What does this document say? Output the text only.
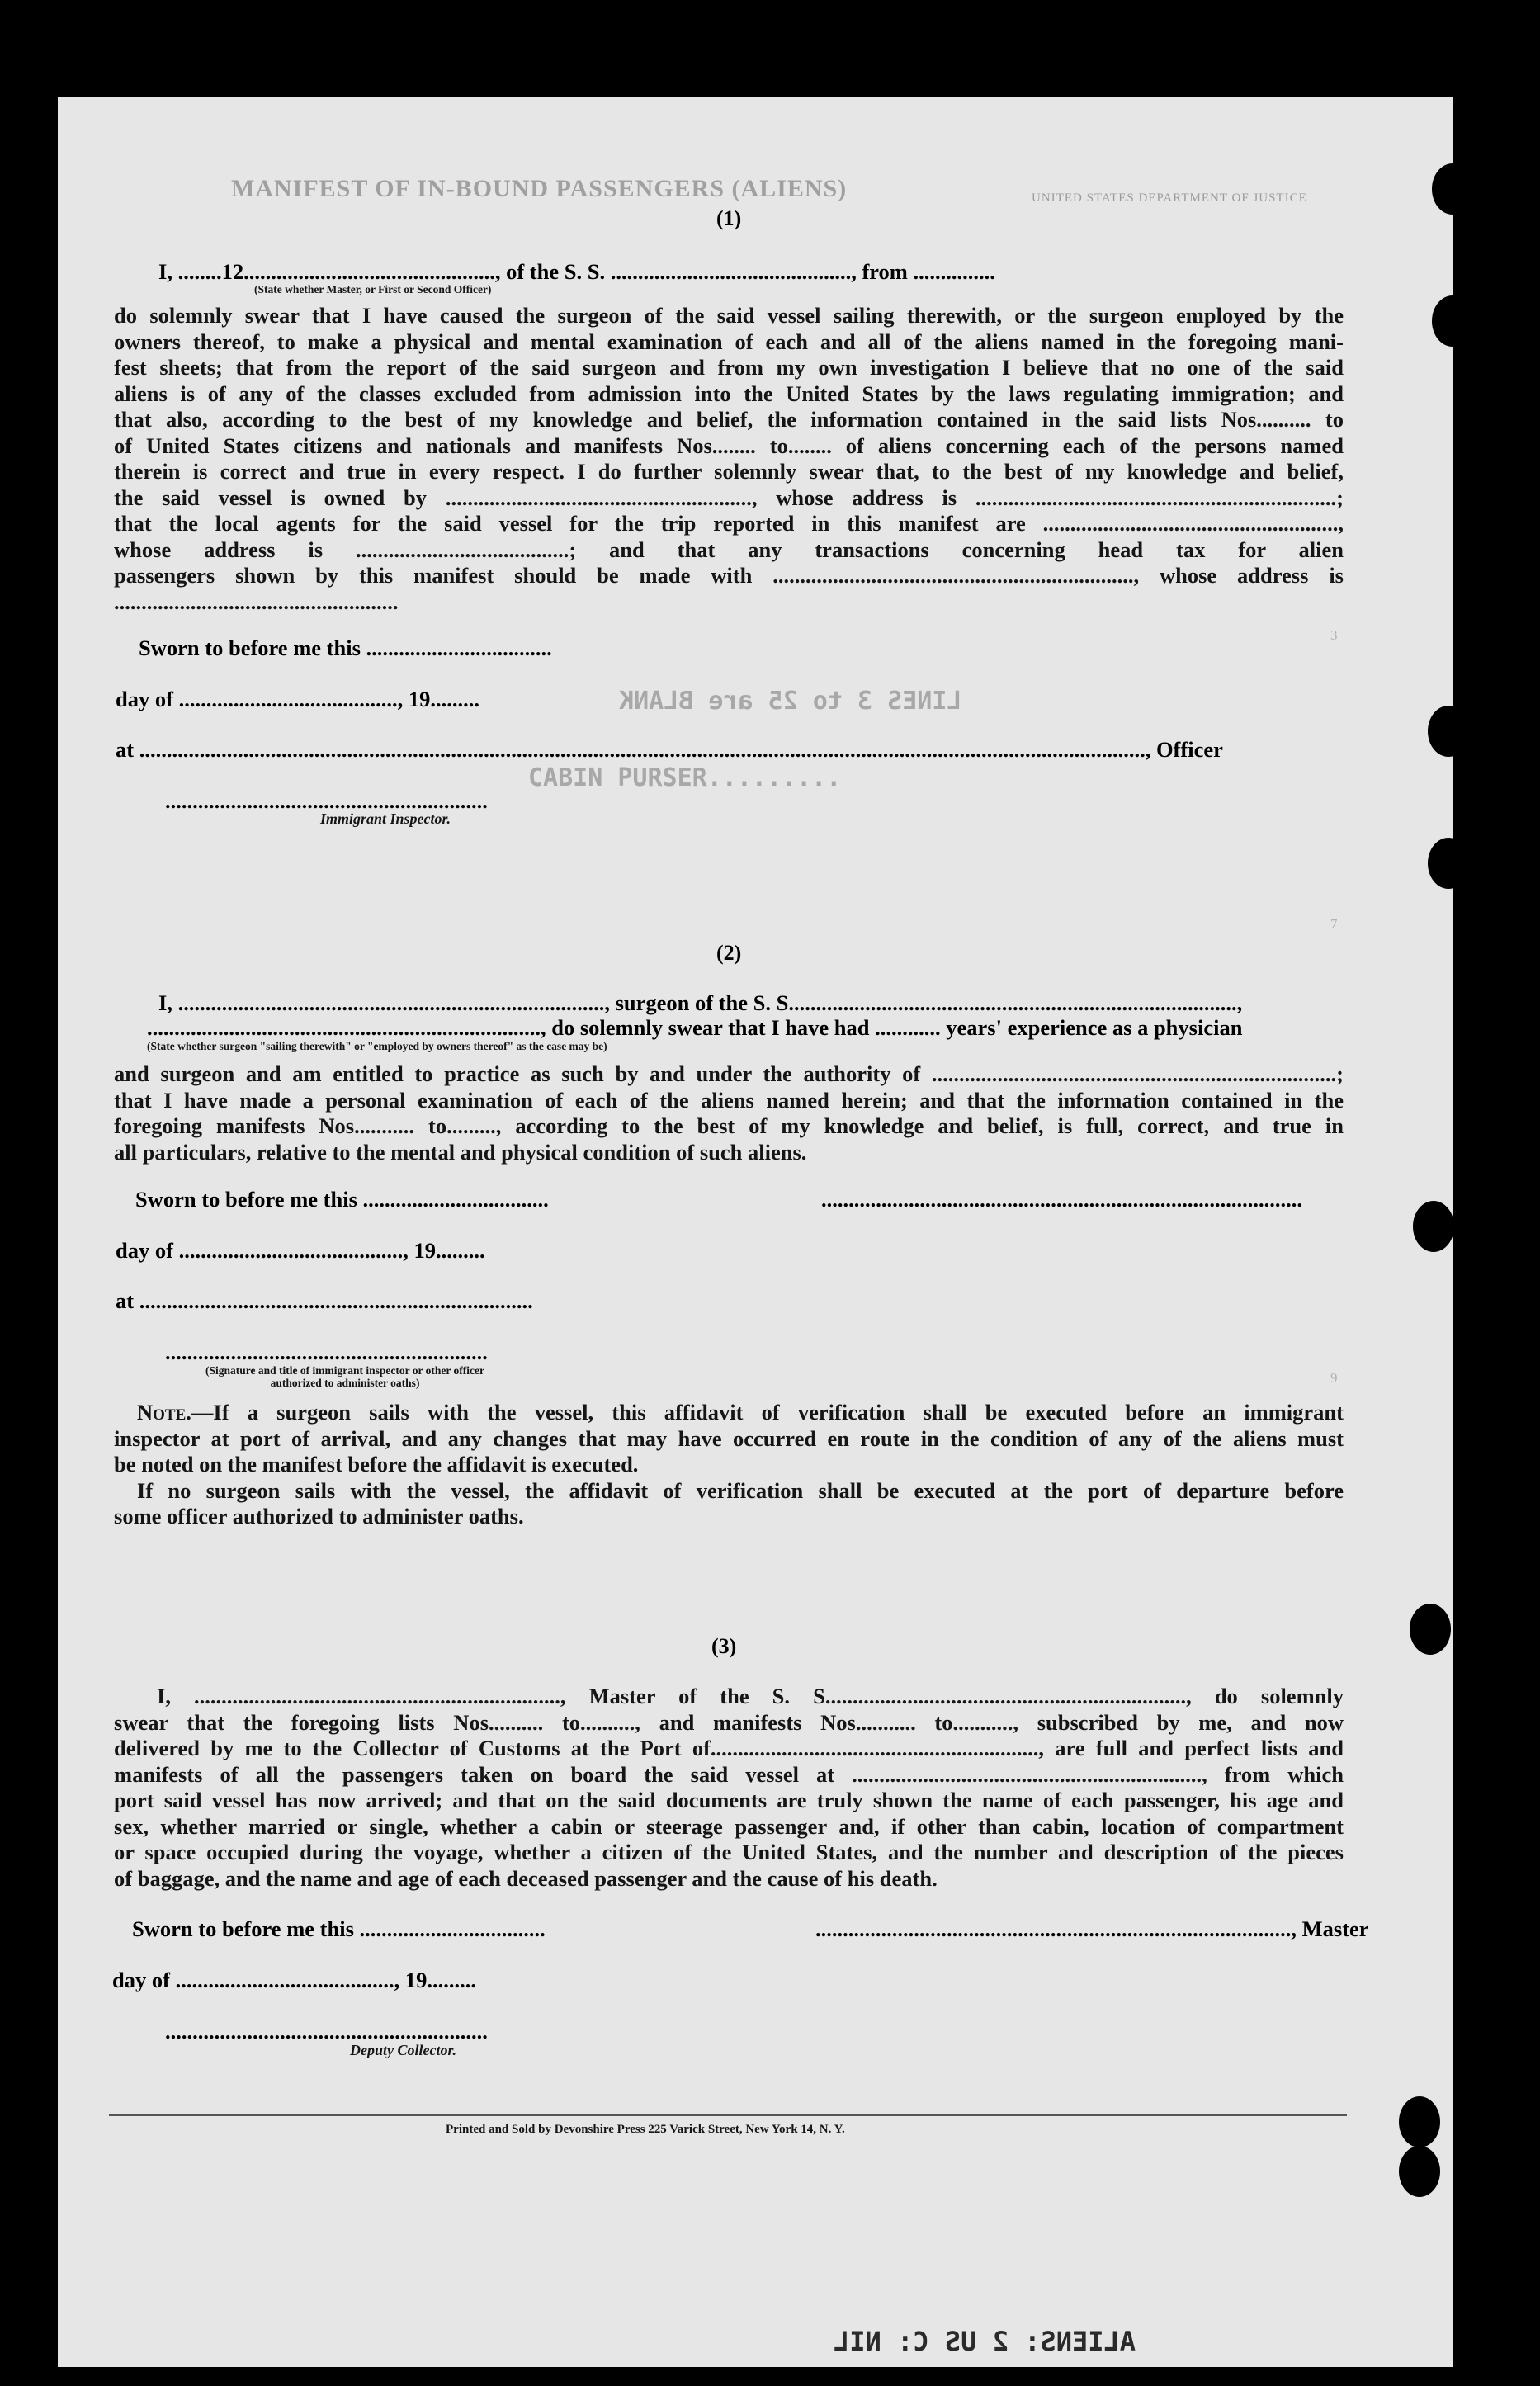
MANIFEST OF IN-BOUND PASSENGERS (ALIENS)	UNITED STATES DEPARTMENT OF JUSTICE
3
7
9
(1)
I, ........12.............................................., of the S. S. ............................................, from ...............
(State whether Master, or First or Second Officer)
do solemnly swear that I have caused the surgeon of the said vessel sailing therewith, or the surgeon employed by the
owners thereof, to make a physical and mental examination of each and all of the aliens named in the foregoing mani-
fest sheets; that from the report of the said surgeon and from my own investigation I believe that no one of the said
aliens is of any of the classes excluded from admission into the United States by the laws regulating immigration; and
that also, according to the best of my knowledge and belief, the information contained in the said lists Nos.......... to
of United States citizens and nationals and manifests Nos........ to........ of aliens concerning each of the persons named
therein is correct and true in every respect. I do further solemnly swear that, to the best of my knowledge and belief,
the said vessel is owned by ........................................................, whose address is ..................................................................;
that the local agents for the said vessel for the trip reported in this manifest are ......................................................,
whose address is .......................................; and that any transactions concerning head tax for alien
passengers shown by this manifest should be made with .................................................................., whose address is
....................................................
Sworn to before me this ..................................
day of ........................................, 19.........	LINES 3 to 25 are BLANK
at ........................................................................................................................................................................................, Officer
CABIN PURSER.........
...........................................................
Immigrant Inspector.
(2)
I, .............................................................................., surgeon of the S. S..................................................................................,
........................................................................, do solemnly swear that I have had ............ years' experience as a physician
(State whether surgeon "sailing therewith" or "employed by owners thereof" as the case may be)
and surgeon and am entitled to practice as such by and under the authority of ..........................................................................;
that I have made a personal examination of each of the aliens named herein; and that the information contained in the
foregoing manifests Nos........... to........., according to the best of my knowledge and belief, is full, correct, and true in
all particulars, relative to the mental and physical condition of such aliens.
Sworn to before me this ..................................	........................................................................................
day of ........................................., 19.........
at ........................................................................
...........................................................
(Signature and title of immigrant inspector or other officer authorized to administer oaths)
Note.—If a surgeon sails with the vessel, this affidavit of verification shall be executed before an immigrant
inspector at port of arrival, and any changes that may have occurred en route in the condition of any of the aliens must
be noted on the manifest before the affidavit is executed.
If no surgeon sails with the vessel, the affidavit of verification shall be executed at the port of departure before
some officer authorized to administer oaths.
(3)
I, ..................................................................., Master of the S. S.................................................................., do solemnly
swear that the foregoing lists Nos.......... to.........., and manifests Nos........... to..........., subscribed by me, and now
delivered by me to the Collector of Customs at the Port of............................................................, are full and perfect lists and
manifests of all the passengers taken on board the said vessel at ................................................................, from which
port said vessel has now arrived; and that on the said documents are truly shown the name of each passenger, his age and
sex, whether married or single, whether a cabin or steerage passenger and, if other than cabin, location of compartment
or space occupied during the voyage, whether a citizen of the United States, and the number and description of the pieces
of baggage, and the name and age of each deceased passenger and the cause of his death.
Sworn to before me this ..................................	......................................................................................., Master
day of ........................................, 19.........
...........................................................
Deputy Collector.
Printed and Sold by Devonshire Press 225 Varick Street, New York 14, N. Y.
ALIENS: 2 US C: NIL
